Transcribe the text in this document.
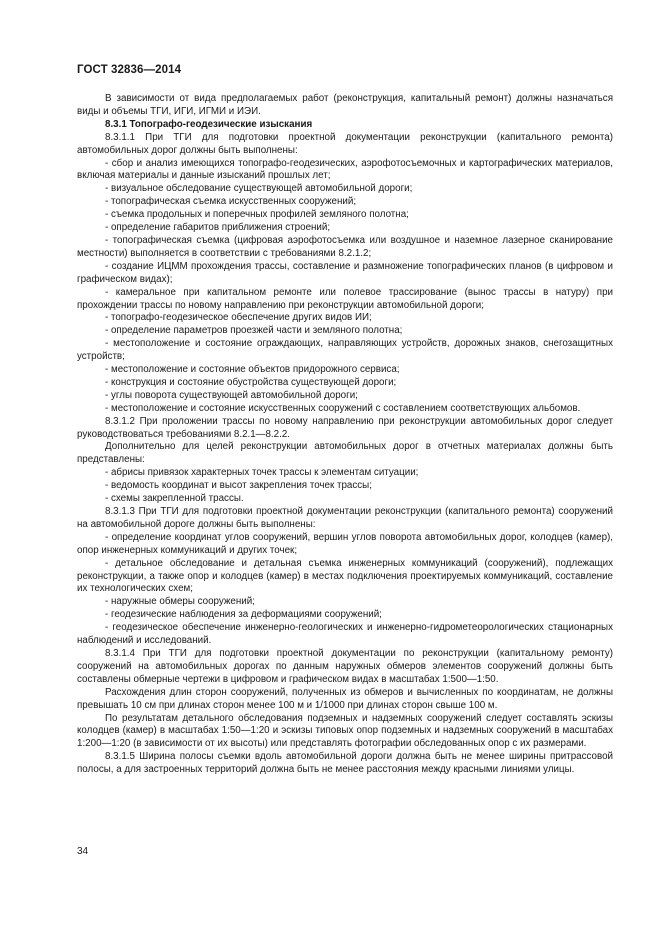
ГОСТ 32836—2014

В зависимости от вида предполагаемых работ (реконструкция, капитальный ремонт) должны назначаться виды и объемы ТГИ, ИГИ, ИГМИ и ИЭИ.

8.3.1 Топографо-геодезические изыскания

8.3.1.1 При ТГИ для подготовки проектной документации реконструкции (капитального ремонта) автомобильных дорог должны быть выполнены:

- сбор и анализ имеющихся топографо-геодезических, аэрофотосъемочных и картографических материалов, включая материалы и данные изысканий прошлых лет;

- визуальное обследование существующей автомобильной дороги;

- топографическая съемка искусственных сооружений;

- съемка продольных и поперечных профилей земляного полотна;

- определение габаритов приближения строений;

- топографическая съемка (цифровая аэрофотосъемка или воздушное и наземное лазерное сканирование местности) выполняется в соответствии с требованиями 8.2.1.2;

- создание ИЦММ прохождения трассы, составление и размножение топографических планов (в цифровом и графическом видах);

- камеральное при капитальном ремонте или полевое трассирование (вынос трассы в натуру) при прохождении трассы по новому направлению при реконструкции автомобильной дороги;

- топографо-геодезическое обеспечение других видов ИИ;

- определение параметров проезжей части и земляного полотна;

- местоположение и состояние ограждающих, направляющих устройств, дорожных знаков, снегозащитных устройств;

- местоположение и состояние объектов придорожного сервиса;

- конструкция и состояние обустройства существующей дороги;

- углы поворота существующей автомобильной дороги;

- местоположение и состояние искусственных сооружений с составлением соответствующих альбомов.

8.3.1.2 При проложении трассы по новому направлению при реконструкции автомобильных дорог следует руководствоваться требованиями 8.2.1—8.2.2.

Дополнительно для целей реконструкции автомобильных дорог в отчетных материалах должны быть представлены:

- абрисы привязок характерных точек трассы к элементам ситуации;

- ведомость координат и высот закрепления точек трассы;

- схемы закрепленной трассы.

8.3.1.3 При ТГИ для подготовки проектной документации реконструкции (капитального ремонта) сооружений на автомобильной дороге должны быть выполнены:

- определение координат углов сооружений, вершин углов поворота автомобильных дорог, колодцев (камер), опор инженерных коммуникаций и других точек;

- детальное обследование и детальная съемка инженерных коммуникаций (сооружений), подлежащих реконструкции, а также опор и колодцев (камер) в местах подключения проектируемых коммуникаций, составление их технологических схем;

- наружные обмеры сооружений;

- геодезические наблюдения за деформациями сооружений;

- геодезическое обеспечение инженерно-геологических и инженерно-гидрометеорологических стационарных наблюдений и исследований.

8.3.1.4 При ТГИ для подготовки проектной документации по реконструкции (капитальному ремонту) сооружений на автомобильных дорогах по данным наружных обмеров элементов сооружений должны быть составлены обмерные чертежи в цифровом и графическом видах в масштабах 1:500—1:50.

Расхождения длин сторон сооружений, полученных из обмеров и вычисленных по координатам, не должны превышать 10 см при длинах сторон менее 100 м и 1/1000 при длинах сторон свыше 100 м.

По результатам детального обследования подземных и надземных сооружений следует составлять эскизы колодцев (камер) в масштабах 1:50—1:20 и эскизы типовых опор подземных и надземных сооружений в масштабах 1:200—1:20 (в зависимости от их высоты) или представлять фотографии обследованных опор с их размерами.

8.3.1.5 Ширина полосы съемки вдоль автомобильной дороги должна быть не менее ширины притрассовой полосы, а для застроенных территорий должна быть не менее расстояния между красными линиями улицы.

34
